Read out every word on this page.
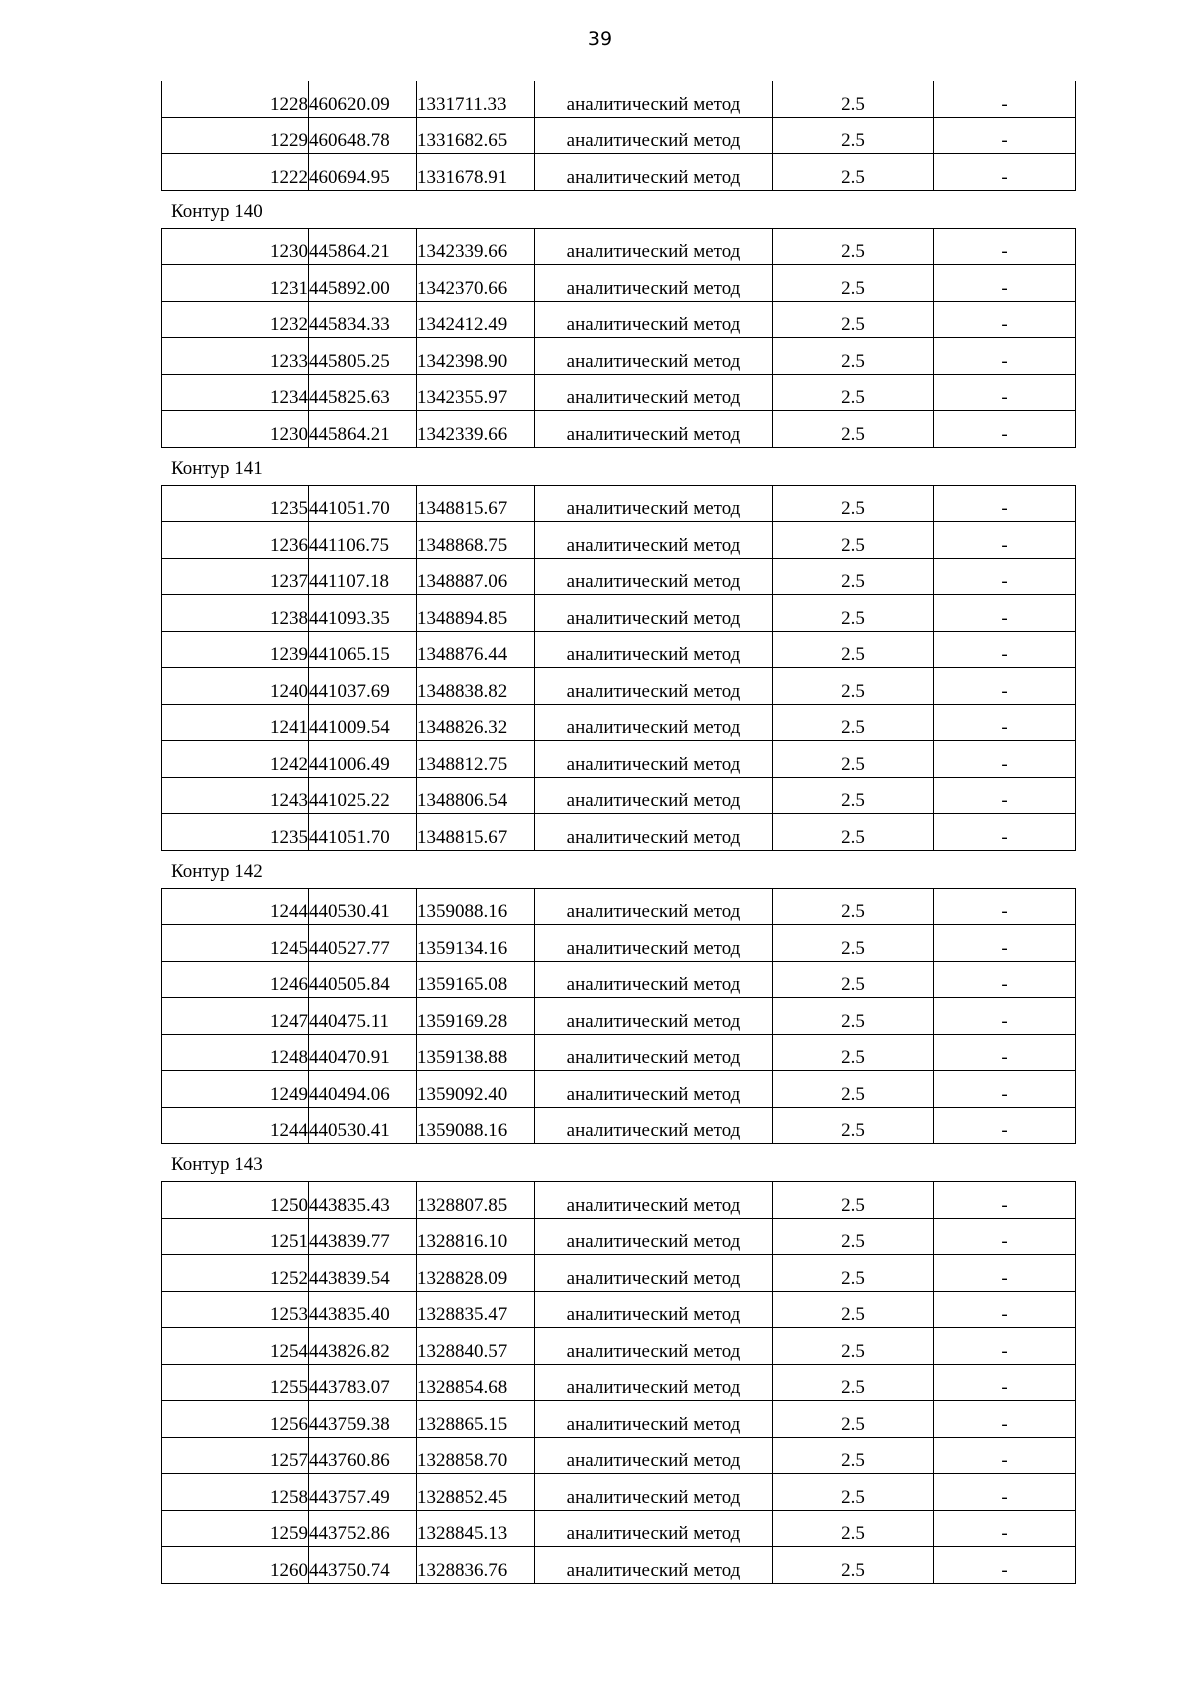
39
1228	460620.09	1331711.33	аналитический метод	2.5	-
1229	460648.78	1331682.65	аналитический метод	2.5	-
1222	460694.95	1331678.91	аналитический метод	2.5	-
Контур 140
1230	445864.21	1342339.66	аналитический метод	2.5	-
1231	445892.00	1342370.66	аналитический метод	2.5	-
1232	445834.33	1342412.49	аналитический метод	2.5	-
1233	445805.25	1342398.90	аналитический метод	2.5	-
1234	445825.63	1342355.97	аналитический метод	2.5	-
1230	445864.21	1342339.66	аналитический метод	2.5	-
Контур 141
1235	441051.70	1348815.67	аналитический метод	2.5	-
1236	441106.75	1348868.75	аналитический метод	2.5	-
1237	441107.18	1348887.06	аналитический метод	2.5	-
1238	441093.35	1348894.85	аналитический метод	2.5	-
1239	441065.15	1348876.44	аналитический метод	2.5	-
1240	441037.69	1348838.82	аналитический метод	2.5	-
1241	441009.54	1348826.32	аналитический метод	2.5	-
1242	441006.49	1348812.75	аналитический метод	2.5	-
1243	441025.22	1348806.54	аналитический метод	2.5	-
1235	441051.70	1348815.67	аналитический метод	2.5	-
Контур 142
1244	440530.41	1359088.16	аналитический метод	2.5	-
1245	440527.77	1359134.16	аналитический метод	2.5	-
1246	440505.84	1359165.08	аналитический метод	2.5	-
1247	440475.11	1359169.28	аналитический метод	2.5	-
1248	440470.91	1359138.88	аналитический метод	2.5	-
1249	440494.06	1359092.40	аналитический метод	2.5	-
1244	440530.41	1359088.16	аналитический метод	2.5	-
Контур 143
1250	443835.43	1328807.85	аналитический метод	2.5	-
1251	443839.77	1328816.10	аналитический метод	2.5	-
1252	443839.54	1328828.09	аналитический метод	2.5	-
1253	443835.40	1328835.47	аналитический метод	2.5	-
1254	443826.82	1328840.57	аналитический метод	2.5	-
1255	443783.07	1328854.68	аналитический метод	2.5	-
1256	443759.38	1328865.15	аналитический метод	2.5	-
1257	443760.86	1328858.70	аналитический метод	2.5	-
1258	443757.49	1328852.45	аналитический метод	2.5	-
1259	443752.86	1328845.13	аналитический метод	2.5	-
1260	443750.74	1328836.76	аналитический метод	2.5	-
